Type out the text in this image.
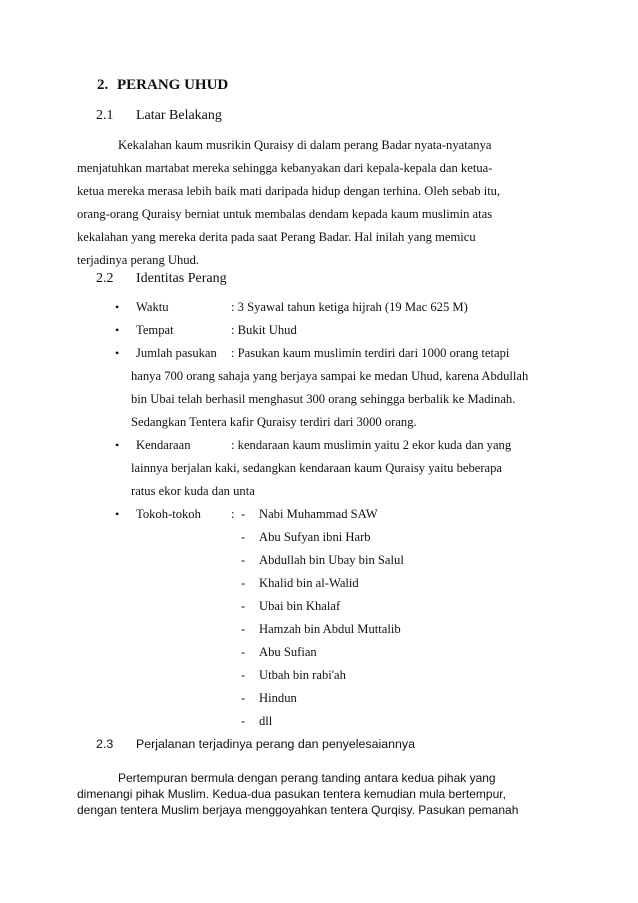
2. PERANG UHUD
2.1 Latar Belakang
Kekalahan kaum musrikin Quraisy di dalam perang Badar nyata-nyatanya
menjatuhkan martabat mereka sehingga kebanyakan dari kepala-kepala dan ketua-
ketua mereka merasa lebih baik mati daripada hidup dengan terhina. Oleh sebab itu,
orang-orang Quraisy berniat untuk membalas dendam kepada kaum muslimin atas
kekalahan yang mereka derita pada saat Perang Badar. Hal inilah yang memicu
terjadinya perang Uhud.
2.2 Identitas Perang
• Waktu	: 3 Syawal tahun ketiga hijrah (19 Mac 625 M)
• Tempat	: Bukit Uhud
• Jumlah pasukan : Pasukan kaum muslimin terdiri dari 1000 orang tetapi
hanya 700 orang sahaja yang berjaya sampai ke medan Uhud, karena Abdullah
bin Ubai telah berhasil menghasut 300 orang sehingga berbalik ke Madinah.
Sedangkan Tentera kafir Quraisy terdiri dari 3000 orang.
• Kendaraan	: kendaraan kaum muslimin yaitu 2 ekor kuda dan yang
lainnya berjalan kaki, sedangkan kendaraan kaum Quraisy yaitu beberapa
ratus ekor kuda dan unta
• Tokoh-tokoh : - Nabi Muhammad SAW
- Abu Sufyan ibni Harb
- Abdullah bin Ubay bin Salul
- Khalid bin al-Walid
- Ubai bin Khalaf
- Hamzah bin Abdul Muttalib
- Abu Sufian
- Utbah bin rabi'ah
- Hindun
- dll
2.3 Perjalanan terjadinya perang dan penyelesaiannya
Pertempuran bermula dengan perang tanding antara kedua pihak yang
dimenangi pihak Muslim. Kedua-dua pasukan tentera kemudian mula bertempur,
dengan tentera Muslim berjaya menggoyahkan tentera Qurqisy. Pasukan pemanah
